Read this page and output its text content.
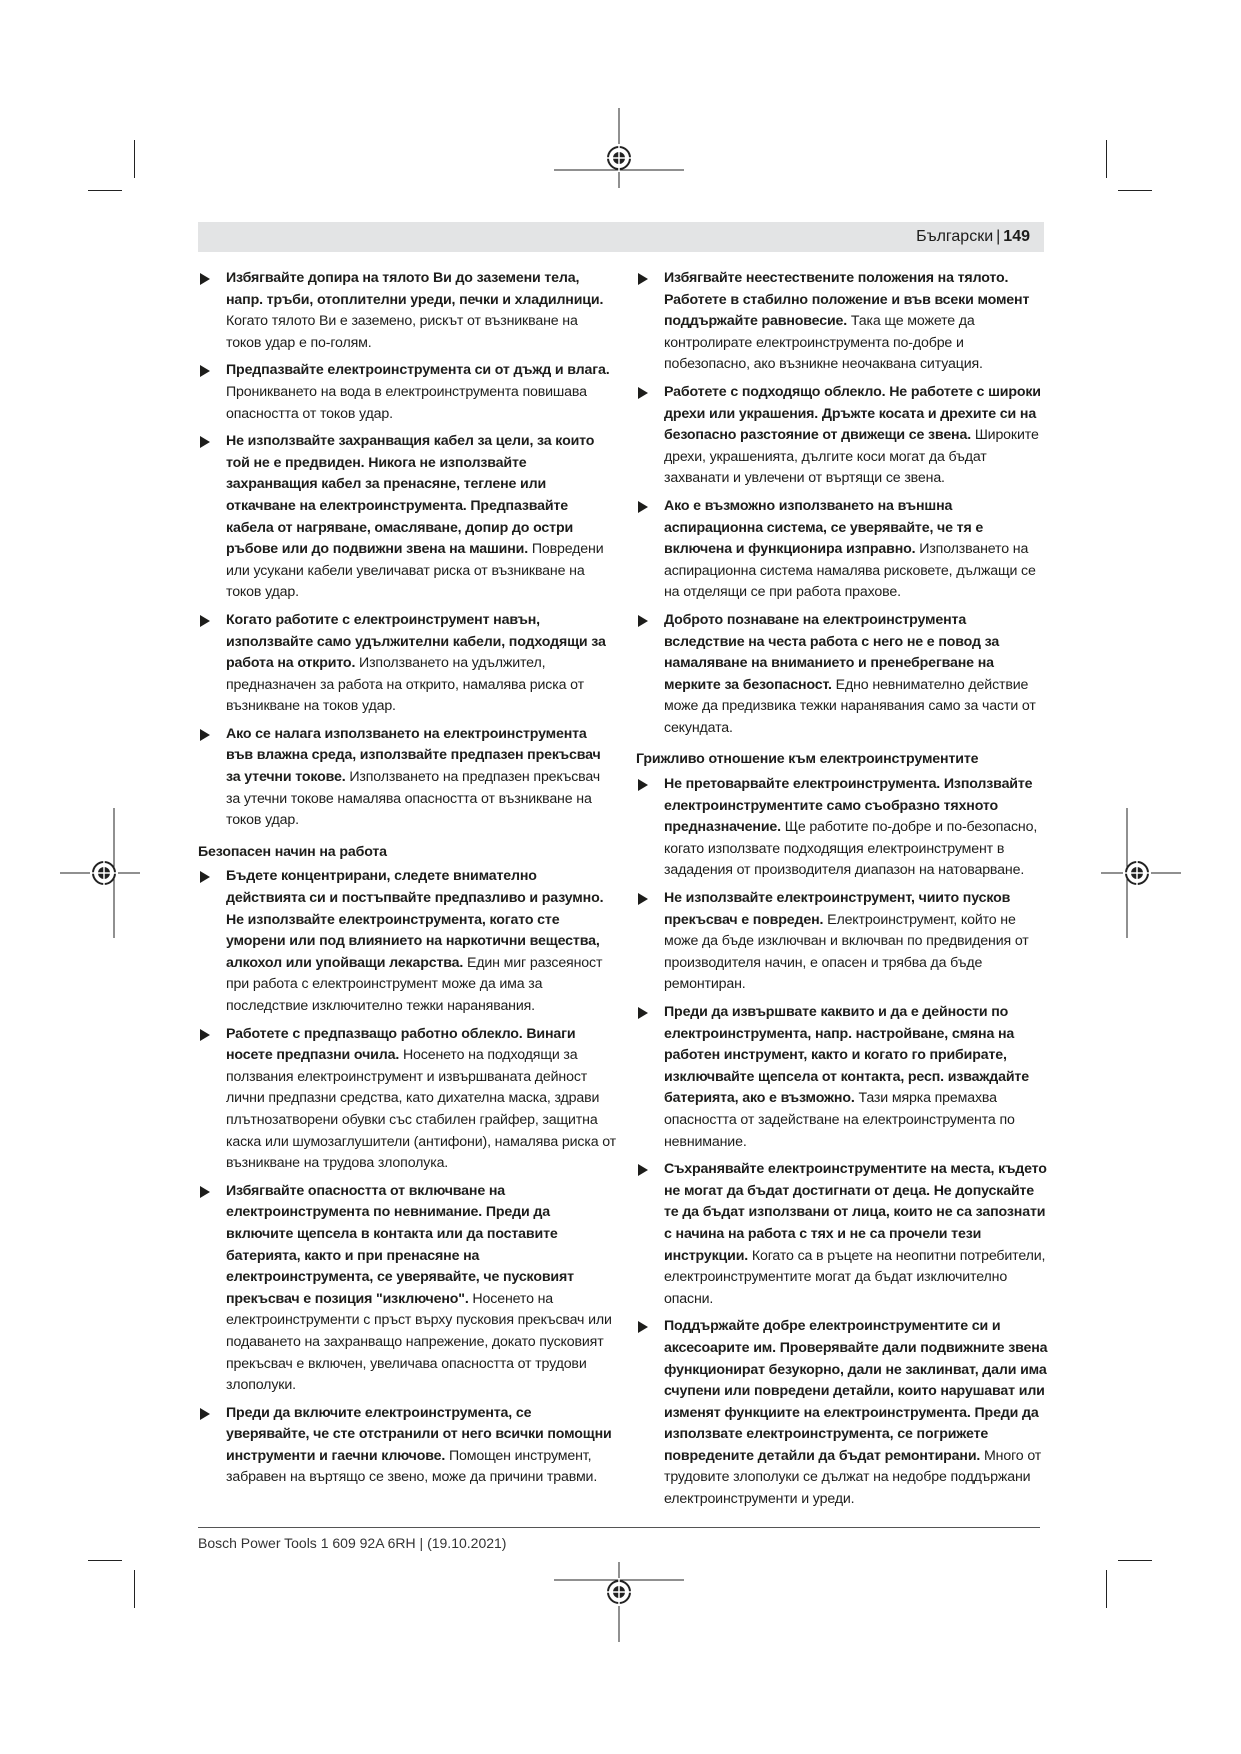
Български | 149
Избягвайте допира на тялото Ви до заземени тела, напр. тръби, отоплителни уреди, печки и хладилници. Когато тялото Ви е заземено, рискът от възникване на токов удар е по-голям.
Предпазвайте електроинструмента си от дъжд и влага. Проникването на вода в електроинструмента повишава опасността от токов удар.
Не използвайте захранващия кабел за цели, за които той не е предвиден. Никога не използвайте захранващия кабел за пренасяне, теглене или откачване на електроинструмента. Предпазвайте кабела от нагряване, омасляване, допир до остри ръбове или до подвижни звена на машини. Повредени или усукани кабели увеличават риска от възникване на токов удар.
Когато работите с електроинструмент навън, използвайте само удължителни кабели, подходящи за работа на открито. Използването на удължител, предназначен за работа на открито, намалява риска от възникване на токов удар.
Ако се налага използването на електроинструмента във влажна среда, използвайте предпазен прекъсвач за утечни токове. Използването на предпазен прекъсвач за утечни токове намалява опасността от възникване на токов удар.
Безопасен начин на работа
Бъдете концентрирани, следете внимателно действията си и постъпвайте предпазливо и разумно. Не използвайте електроинструмента, когато сте уморени или под влиянието на наркотични вещества, алкохол или упойващи лекарства. Един миг разсеяност при работа с електроинструмент може да има за последствие изключително тежки наранявания.
Работете с предпазващо работно облекло. Винаги носете предпазни очила. Носенето на подходящи за ползвания електроинструмент и извършваната дейност лични предпазни средства, като дихателна маска, здрави плътнозатворени обувки със стабилен грайфер, защитна каска или шумозаглушители (антифони), намалява риска от възникване на трудова злополука.
Избягвайте опасността от включване на електроинструмента по невнимание. Преди да включите щепсела в контакта или да поставите батерията, както и при пренасяне на електроинструмента, се уверявайте, че пусковият прекъсвач е позиция "изключено". Носенето на електроинструменти с пръст върху пусковия прекъсвач или подаването на захранващо напрежение, докато пусковият прекъсвач е включен, увеличава опасността от трудови злополуки.
Преди да включите електроинструмента, се уверявайте, че сте отстранили от него всички помощни инструменти и гаечни ключове. Помощен инструмент, забравен на въртящо се звено, може да причини травми.
Избягвайте неестествените положения на тялото. Работете в стабилно положение и във всеки момент поддържайте равновесие. Така ще можете да контролирате електроинструмента по-добре и побезопасно, ако възникне неочаквана ситуация.
Работете с подходящо облекло. Не работете с широки дрехи или украшения. Дръжте косата и дрехите си на безопасно разстояние от движещи се звена. Широките дрехи, украшенията, дългите коси могат да бъдат захванати и увлечени от въртящи се звена.
Ако е възможно използването на външна аспирационна система, се уверявайте, че тя е включена и функционира изправно. Използването на аспирационна система намалява рисковете, дължащи се на отделящи се при работа прахове.
Доброто познаване на електроинструмента вследствие на честа работа с него не е повод за намаляване на вниманието и пренебрегване на мерките за безопасност. Едно невнимателно действие може да предизвика тежки наранявания само за части от секундата.
Грижливо отношение към електроинструментите
Не претоварвайте електроинструмента. Използвайте електроинструментите само съобразно тяхното предназначение. Ще работите по-добре и по-безопасно, когато използвате подходящия електроинструмент в зададения от производителя диапазон на натоварване.
Не използвайте електроинструмент, чиито пусков прекъсвач е повреден. Електроинструмент, който не може да бъде изключван и включван по предвидения от производителя начин, е опасен и трябва да бъде ремонтиран.
Преди да извършвате каквито и да е дейности по електроинструмента, напр. настройване, смяна на работен инструмент, както и когато го прибирате, изключвайте щепсела от контакта, респ. изваждайте батерията, ако е възможно. Тази мярка премахва опасността от задействане на електроинструмента по невнимание.
Съхранявайте електроинструментите на места, където не могат да бъдат достигнати от деца. Не допускайте те да бъдат използвани от лица, които не са запознати с начина на работа с тях и не са прочели тези инструкции. Когато са в ръцете на неопитни потребители, електроинструментите могат да бъдат изключително опасни.
Поддържайте добре електроинструментите си и аксесоарите им. Проверявайте дали подвижните звена функционират безукорно, дали не заклинват, дали има счупени или повредени детайли, които нарушават или изменят функциите на електроинструмента. Преди да използвате електроинструмента, се погрижете повредените детайли да бъдат ремонтирани. Много от трудовите злополуки се дължат на недобре поддържани електроинструменти и уреди.
Bosch Power Tools 1 609 92A 6RH | (19.10.2021)
